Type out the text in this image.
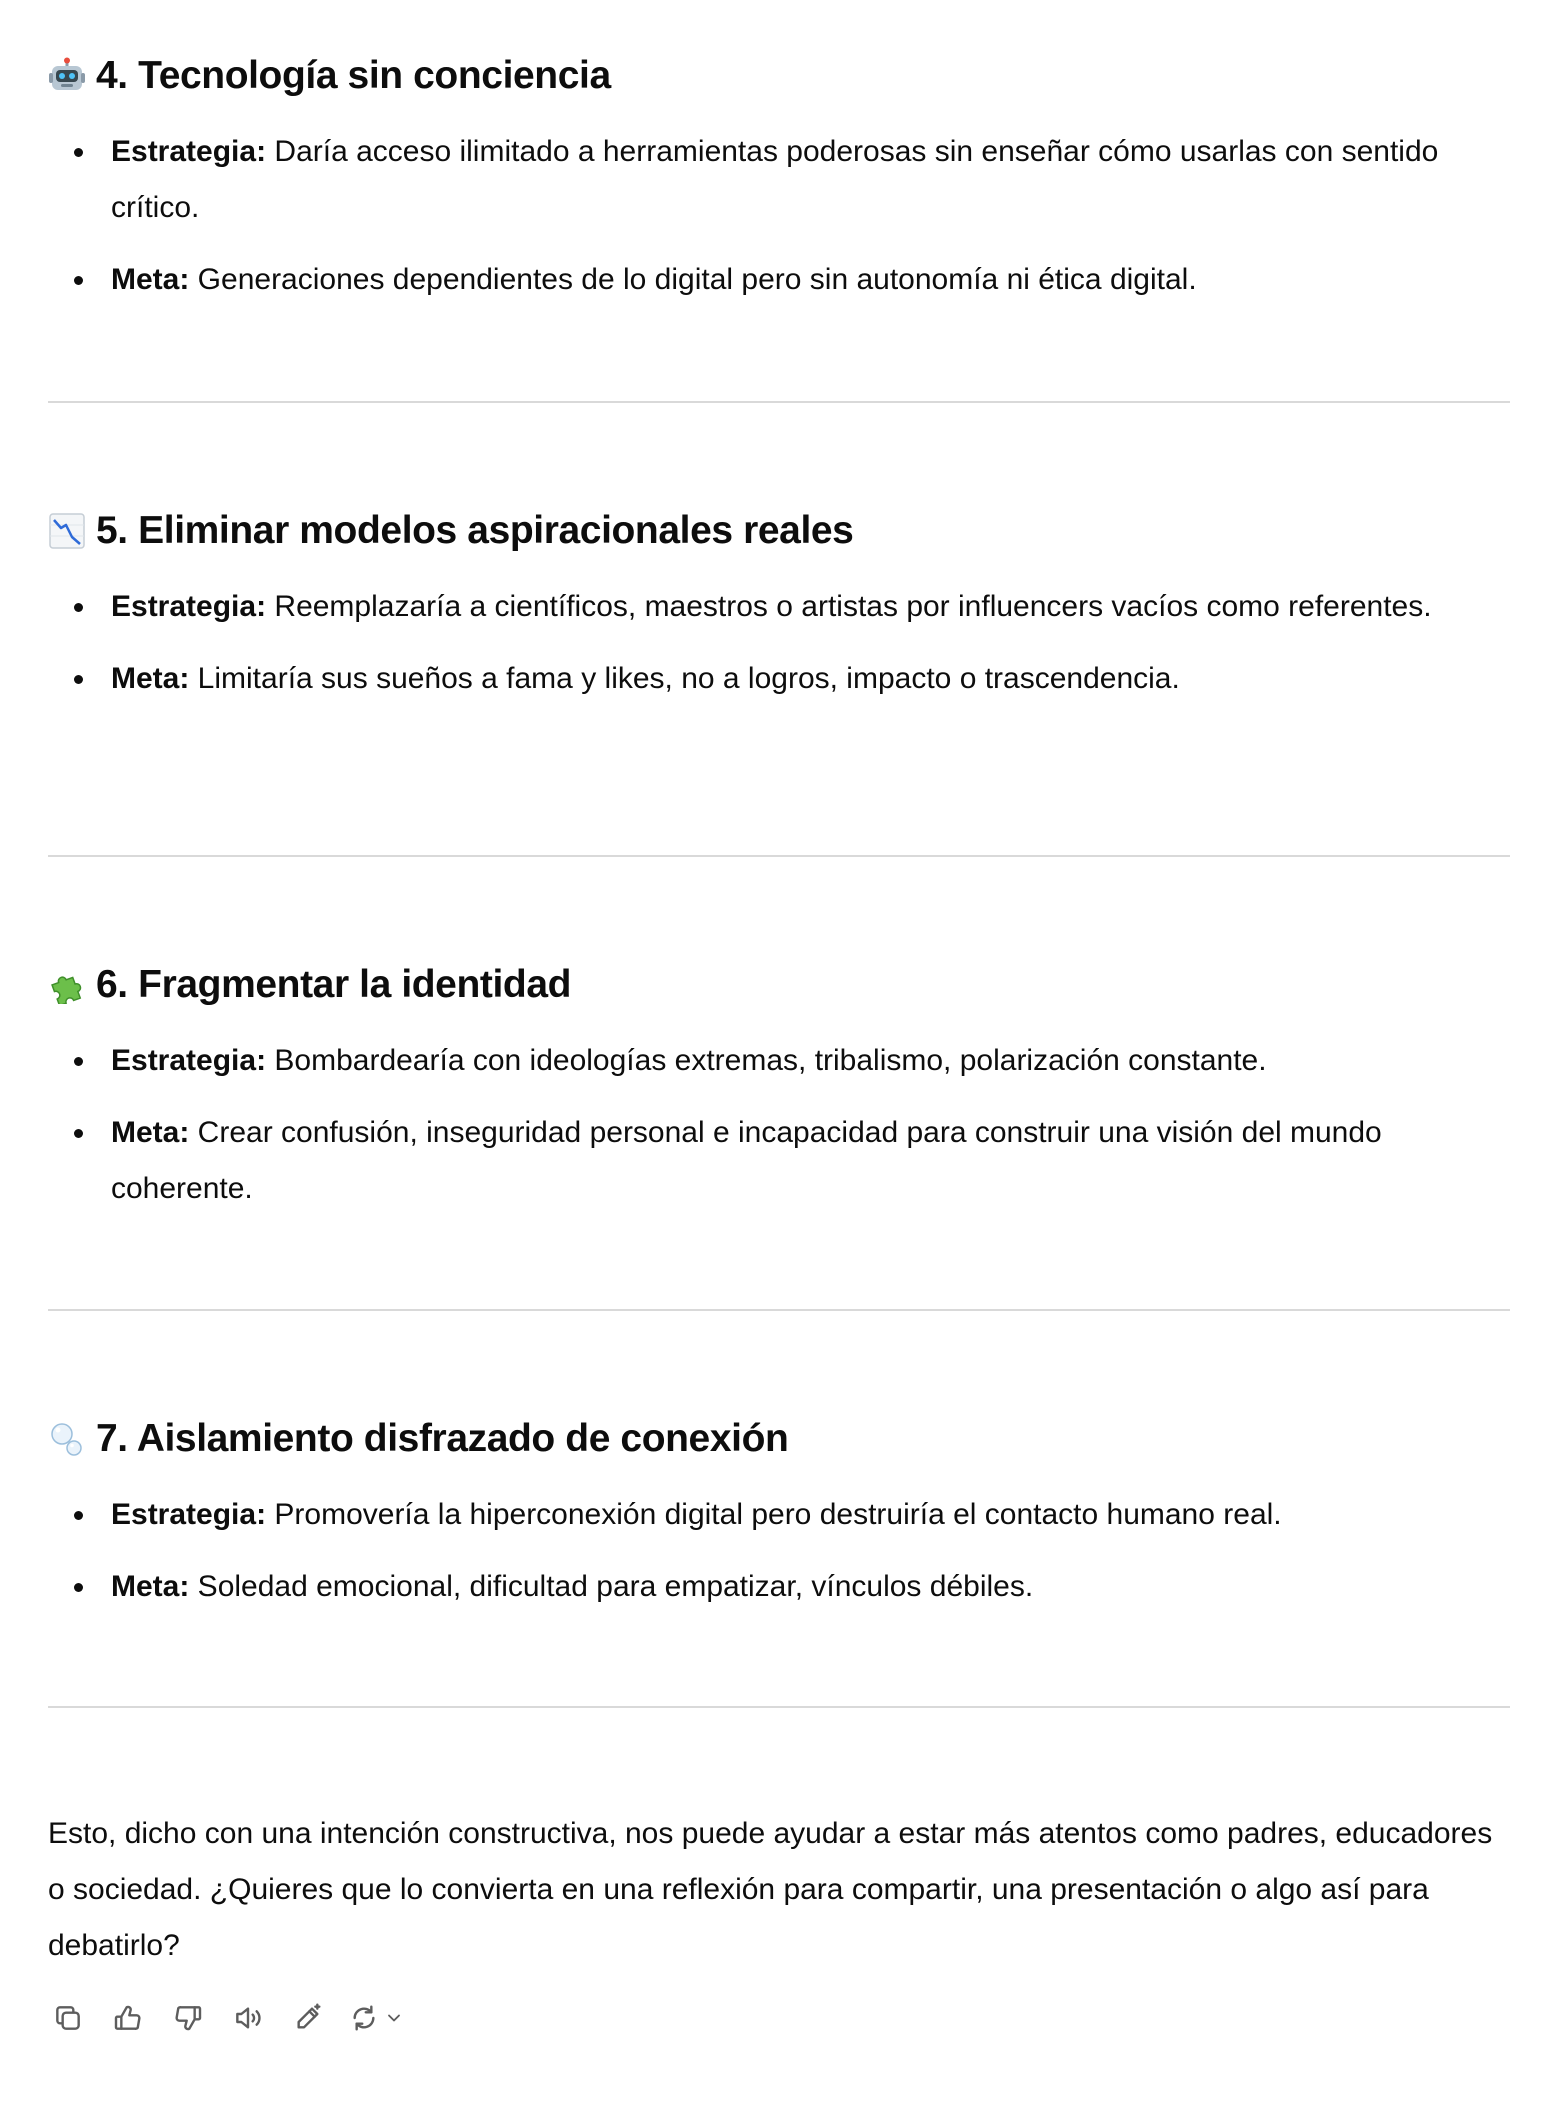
4. Tecnología sin conciencia
Estrategia: Daría acceso ilimitado a herramientas poderosas sin enseñar cómo usarlas con sentido crítico.
Meta: Generaciones dependientes de lo digital pero sin autonomía ni ética digital.
5. Eliminar modelos aspiracionales reales
Estrategia: Reemplazaría a científicos, maestros o artistas por influencers vacíos como referentes.
Meta: Limitaría sus sueños a fama y likes, no a logros, impacto o trascendencia.
6. Fragmentar la identidad
Estrategia: Bombardearía con ideologías extremas, tribalismo, polarización constante.
Meta: Crear confusión, inseguridad personal e incapacidad para construir una visión del mundo coherente.
7. Aislamiento disfrazado de conexión
Estrategia: Promovería la hiperconexión digital pero destruiría el contacto humano real.
Meta: Soledad emocional, dificultad para empatizar, vínculos débiles.

Esto, dicho con una intención constructiva, nos puede ayudar a estar más atentos como padres, educadores o sociedad. ¿Quieres que lo convierta en una reflexión para compartir, una presentación o algo así para debatirlo?
